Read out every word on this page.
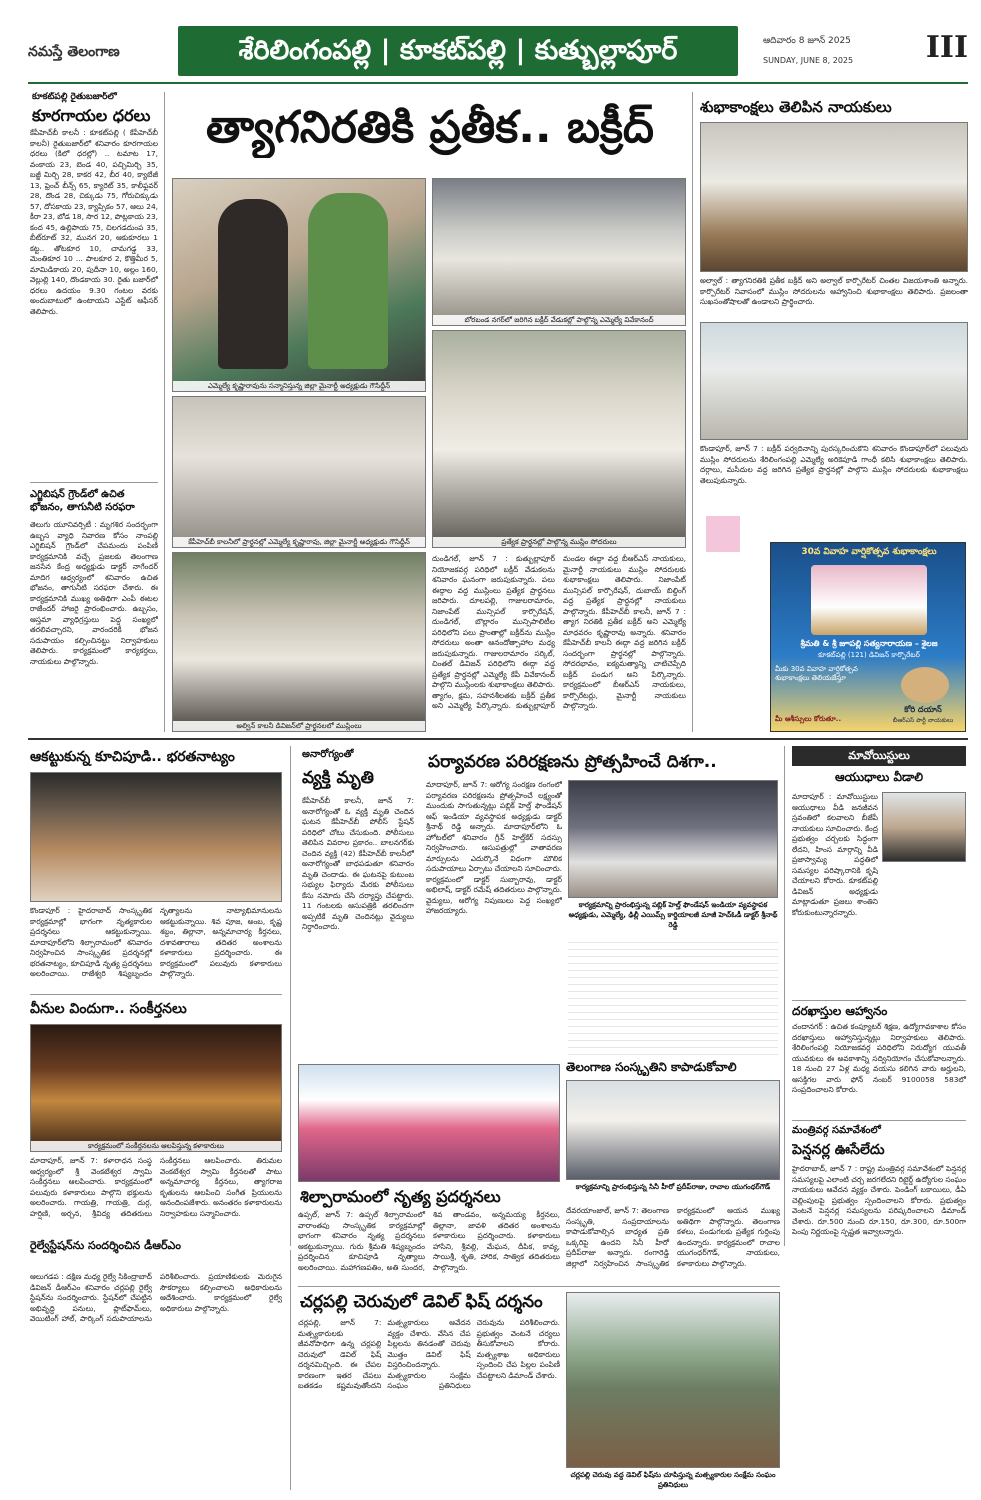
నమస్తే తెలంగాణ	శేరిలింగంపల్లి | కూకట్‌పల్లి | కుత్బుల్లాపూర్	ఆదివారం 8 జూన్ 2025
SUNDAY, JUNE 8, 2025	III
కూకట్‌పల్లి రైతుబజార్‌లో
కూరగాయల ధరలు
కేపీహెచ్‌బీ కాలనీ : కూకట్‌పల్లి ( కేపీహెచ్‌బీ కాలనీ) రైతుబజార్‌లో శనివారం కూరగాయల ధరలు (కిలో ధరల్లో) .. టమాట 17, వంకాయ 23, బెండ 40, పచ్చిమిర్చి 35, బజ్జీ మిర్చి 28, కాకర 42, బీర 40, క్యాబేజీ 13, ఫ్రెంచ్ బీన్స్ 65, క్యారెట్ 35, కాలీఫ్లవర్ 28, దొండ 28, చిక్కుడు 75, గోరుచిక్కుడు 57, దోసకాయ 23, క్యాప్సికం 57, ఆలు 24, కీరా 23, బోడ 18, సొర 12, పొట్లకాయ 23, కంద 45, ఉల్లిపాయ 75, చిలగడదుంప 35, బీట్‌రూట్ 32, మునగ 20, ఆకుకూరలు 1 కట్ట.. తోటకూర 10, చామగడ్డ 33, మెంతికూర 10 ... పాలకూర 2, కొత్తిమీర 5, మామిడికాయ 20, పుదీనా 10, అల్లం 160, వెల్లుల్లి 140, దొండకాయ 30. రైతు బజార్‌లో ధరలు ఉదయం 9.30 గంటల వరకు అందుబాటులో ఉంటాయని ఎస్టేట్ ఆఫీసర్ తెలిపారు.
ఎగ్జిబిషన్ గ్రౌండ్‌లో ఉచిత భోజనం, తాగునీటి సరఫరా
తెలుగు యూనివర్సిటీ : మృగశిర సందర్భంగా ఉబ్బస వ్యాధి నివారణ కోసం నాంపల్లి ఎగ్జిబిషన్ గ్రౌండ్‌లో చేపమందు పంపిణీ కార్యక్రమానికి వచ్చే ప్రజలకు తెలంగాణ జనసేన కేంద్ర అధ్యక్షుడు డాక్టర్ నాగేందర్ మాదిగ ఆధ్వర్యంలో శనివారం ఉచిత భోజనం, తాగునీటి సరఫరా చేశారు. ఈ కార్యక్రమానికి ముఖ్య అతిథిగా ఎంపీ ఈటల రాజేందర్ హాజరై ప్రారంభించారు. ఉబ్బసం, ఆస్తమా వ్యాధిగ్రస్తులు పెద్ద సంఖ్యలో తరలివచ్చారని, వారందరికీ భోజన సదుపాయం కల్పించినట్టు నిర్వాహకులు తెలిపారు. కార్యక్రమంలో కార్యకర్తలు, నాయకులు పాల్గొన్నారు.
త్యాగనిరతికి ప్రతీక.. బక్రీద్
ఎమ్మెల్యే కృష్ణారావును సన్మానిస్తున్న జిల్లా మైనార్టీ అధ్యక్షుడు గౌసిద్దీన్
బోరబండ నగర్‌లో జరిగిన బక్రీద్ వేడుకల్లో పాల్గొన్న ఎమ్మెల్యే వివేకానంద్
కేపీహెచ్‌బీ కాలనీలో ప్రార్థనల్లో ఎమ్మెల్యే కృష్ణారావు, జిల్లా మైనార్టీ అధ్యక్షుడు గౌసిద్దీన్	ప్రత్యేక ప్రార్థనల్లో పాల్గొన్న ముస్లిం సోదరులు
అల్విన్ కాలనీ డివిజన్‌లో ప్రార్థనలలో ముస్లింలు
దుండిగల్, జూన్ 7 : కుత్బుల్లాపూర్ నియోజకవర్గ పరిధిలో బక్రీద్ వేడుకలను శనివారం ఘనంగా జరుపుకున్నారు. పలు ఈద్గాల వద్ద ముస్లింలు ప్రత్యేక ప్రార్థనలు జరిపారు. దూలపల్లి, గాజులరామారం, నిజాంపేట్ మున్సిపల్ కార్పొరేషన్, దుండిగల్, బొల్లారం మున్సిపాలిటీల పరిధిలోని పలు ప్రాంతాల్లో బక్రీద్‌ను ముస్లిం సోదరులు అంతా ఆనందోత్సాహాల మధ్య జరుపుకున్నారు. గాజులరామారం సర్కిల్, చింతల్ డివిజన్ పరిధిలోని ఈద్గా వద్ద ప్రత్యేక ప్రార్థనల్లో ఎమ్మెల్యే కేపీ వివేకానంద్ పాల్గొని ముస్లింలకు శుభాకాంక్షలు తెలిపారు. త్యాగం, క్షమ, సహనశీలతకు బక్రీద్ ప్రతీక అని ఎమ్మెల్యే పేర్కొన్నారు. కుత్బుల్లాపూర్ మండల ఈద్గా వద్ద బీఆర్ఎస్ నాయకులు, మైనార్టీ నాయకులు ముస్లిం సోదరులకు శుభాకాంక్షలు తెలిపారు. నిజాంపేట్ మున్సిపల్ కార్పొరేషన్, దుబాయ్ బిల్డింగ్ వద్ద ప్రత్యేక ప్రార్థనల్లో నాయకులు పాల్గొన్నారు. కేపీహెచ్‌బీ కాలనీ, జూన్ 7 : త్యాగ నిరతికి ప్రతీక బక్రీద్ అని ఎమ్మెల్యే మాధవరం కృష్ణారావు అన్నారు. శనివారం కేపీహెచ్‌బీ కాలనీ ఈద్గా వద్ద జరిగిన బక్రీద్ సందర్భంగా ప్రార్థనల్లో పాల్గొన్నారు. సోదరభావం, ఐక్యమత్యాన్ని చాటిచెప్పేది బక్రీద్ పండుగ అని పేర్కొన్నారు. కార్యక్రమంలో బీఆర్ఎస్ నాయకులు, కార్పొరేటర్లు, మైనార్టీ నాయకులు పాల్గొన్నారు.
శుభాకాంక్షలు తెలిపిన నాయకులు
అల్వాల్ : త్యాగనిరతికి ప్రతీక బక్రీద్ అని అల్వాల్ కార్పొరేటర్ చింతల విజయశాంతి అన్నారు. కార్పొరేటర్ నివాసంలో ముస్లిం సోదరులను ఆహ్వానించి శుభాకాంక్షలు తెలిపారు. ప్రజలంతా సుఖసంతోషాలతో ఉండాలని ప్రార్థించారు.
కొండాపూర్, జూన్ 7 : బక్రీద్ పర్వదినాన్ని పురస్కరించుకొని శనివారం కొండాపూర్‌లో పలువురు ముస్లిం సోదరులను శేరిలింగంపల్లి ఎమ్మెల్యే అరికెపూడి గాంధీ కలిసి శుభాకాంక్షలు తెలిపారు. దర్గాలు, మసీదుల వద్ద జరిగిన ప్రత్యేక ప్రార్థనల్లో పాల్గొని ముస్లిం సోదరులకు శుభాకాంక్షలు తెలుపుకున్నారు.
30వ వివాహ వార్షికోత్సవ శుభాకాంక్షలు
శ్రీమతి & శ్రీ జూపల్లి సత్యనారాయణ – శైలజ
కూకట్‌పల్లి (121) డివిజన్ కార్పొరేటర్
మీకు 30వ వివాహ వార్షికోత్సవ శుభాకాంక్షలు తెలియజేస్తూ
కోరి దయాన్
బీఆర్ఎస్ పార్టీ నాయకులు
మీ ఆశీస్సులు కోరుతూ..
ఆకట్టుకున్న కూచిపూడి.. భరతనాట్యం
కొండాపూర్ : హైదరాబాద్ సాంస్కృతిక కార్యక్రమాల్లో భాగంగా నృత్యకారుల ప్రదర్శనలు ఆకట్టుకున్నాయి. మాదాపూర్‌లోని శిల్పారామంలో శనివారం నిర్వహించిన సాంస్కృతిక ప్రదర్శనల్లో భరతనాట్యం, కూచిపూడి నృత్య ప్రదర్శనలు అలరించాయి. రాజేశ్వరి శిష్యబృందం నృత్యాలను నాట్యాభిమానులను ఆకట్టుకున్నాయి. శివ పూజ, అంబ, కృష్ణ శబ్దం, తిల్లానా, అన్నమాచార్య కీర్తనలు, దశావతారాలు తదితర అంశాలను కళాకారులు ప్రదర్శించారు. ఈ కార్యక్రమంలో పలువురు కళాకారులు పాల్గొన్నారు.
వీనుల విందుగా.. సంకీర్తనలు
కార్యక్రమంలో సంకీర్తనలను ఆలపిస్తున్న కళాకారులు
మాదాపూర్, జూన్ 7: కళారాధన సంస్థ ఆధ్వర్యంలో శ్రీ వెంకటేశ్వర స్వామి సంకీర్తనలు ఆలపించారు. కార్యక్రమంలో పలువురు కళాకారులు పాల్గొని భక్తులను అలరించారు. గాయత్రి, గాయత్రి, దుర్గ, హర్షిణి, అర్చన, శ్రీవిద్య తదితరులు సంకీర్తనలు ఆలపించారు. తిరుమల వెంకటేశ్వర స్వామి కీర్తనలతో పాటు అన్నమాచార్య కీర్తనలు, త్యాగరాజ కృతులను ఆలపించి సంగీత ప్రియులను ఆనందింపజేశారు. అనంతరం కళాకారులను నిర్వాహకులు సన్మానించారు.
అనారోగ్యంతో
వ్యక్తి మృతి
కేపీహెచ్‌బీ కాలనీ, జూన్ 7: అనారోగ్యంతో ఓ వ్యక్తి మృతి చెందిన ఘటన కేపీహెచ్‌బీ పోలీస్ స్టేషన్ పరిధిలో చోటు చేసుకుంది. పోలీసులు తెలిపిన వివరాల ప్రకారం.. బాలనగర్‌కు చెందిన వ్యక్తి (42) కేపీహెచ్‌బీ కాలనీలో అనారోగ్యంతో బాధపడుతూ శనివారం మృతి చెందాడు. ఈ ఘటనపై కుటుంబ సభ్యుల ఫిర్యాదు మేరకు పోలీసులు కేసు నమోదు చేసి దర్యాప్తు చేపట్టారు. 11 గంటలకు ఆసుపత్రికి తరలించగా అప్పటికే మృతి చెందినట్లు వైద్యులు నిర్ధారించారు.
పర్యావరణ పరిరక్షణను ప్రోత్సహించే దిశగా..
మాదాపూర్, జూన్ 7: ఆరోగ్య సంరక్షణ రంగంలో పర్యావరణ పరిరక్షణను ప్రోత్సహించే లక్ష్యంతో ముందుకు సాగుతున్నట్లు పబ్లిక్ హెల్త్ ఫౌండేషన్ ఆఫ్ ఇండియా వ్యవస్థాపక అధ్యక్షుడు డాక్టర్ శ్రీనాథ్ రెడ్డి అన్నారు. మాదాపూర్‌లోని ఓ హోటల్‌లో శనివారం గ్రీన్ హెల్త్‌కేర్ సదస్సు నిర్వహించారు. ఆసుపత్రుల్లో వాతావరణ మార్పులను ఎదుర్కొనే విధంగా మౌలిక సదుపాయాలు ఏర్పాటు చేయాలని సూచించారు. కార్యక్రమంలో డాక్టర్ సుబ్బారావు, డాక్టర్ అభిలాష్, డాక్టర్ రమేష్ తదితరులు పాల్గొన్నారు. వైద్యులు, ఆరోగ్య నిపుణులు పెద్ద సంఖ్యలో హాజరయ్యారు.
కార్యక్రమాన్ని ప్రారంభిస్తున్న పబ్లిక్ హెల్త్ ఫౌండేషన్ ఇండియా వ్యవస్థాపక అధ్యక్షుడు, ఎమ్మెల్యే, ఢిల్లీ ఎయిమ్స్ కార్డియాలజీ మాజీ హెచ్‌ఓడీ డాక్టర్ శ్రీనాథ్ రెడ్డి
మావోయిస్టులు
ఆయుధాలు వీడాలి
మాదాపూర్ : మావోయిస్టులు ఆయుధాలు వీడి జనజీవన స్రవంతిలో కలవాలని బీజేపీ నాయకులు సూచించారు. కేంద్ర ప్రభుత్వం చర్చలకు సిద్ధంగా లేదని, హింస మార్గాన్ని వీడి ప్రజాస్వామ్య పద్ధతిలో సమస్యల పరిష్కారానికి కృషి చేయాలని కోరారు. కూకట్‌పల్లి డివిజన్ అధ్యక్షుడు మాట్లాడుతూ ప్రజలు శాంతిని కోరుకుంటున్నారన్నారు.
దరఖాస్తుల ఆహ్వానం
చందానగర్ : ఉచిత కంప్యూటర్ శిక్షణ, ఉద్యోగావకాశాల కోసం దరఖాస్తులు ఆహ్వానిస్తున్నట్లు నిర్వాహకులు తెలిపారు. శేరిలింగంపల్లి నియోజకవర్గ పరిధిలోని నిరుద్యోగ యువతీ యువకులు ఈ అవకాశాన్ని సద్వినియోగం చేసుకోవాలన్నారు. 18 నుంచి 27 ఏళ్ల మధ్య వయసు కలిగిన వారు అర్హులని, ఆసక్తిగల వారు ఫోన్ నంబర్ 9100058 583లో సంప్రదించాలని కోరారు.
మంత్రివర్గ సమావేశంలో
పెన్షనర్ల ఊసేలేదు
హైదరాబాద్, జూన్ 7 : రాష్ట్ర మంత్రివర్గ సమావేశంలో పెన్షనర్ల సమస్యలపై ఎలాంటి చర్చ జరగలేదని రిటైర్డ్ ఉద్యోగుల సంఘం నాయకులు ఆవేదన వ్యక్తం చేశారు. పెండింగ్ బకాయిలు, డీఏ చెల్లింపులపై ప్రభుత్వం స్పందించాలని కోరారు. ప్రభుత్వం వెంటనే పెన్షనర్ల సమస్యలను పరిష్కరించాలని డిమాండ్ చేశారు. రూ.500 నుంచి రూ.150, రూ.300, రూ.500గా పెంపు నిర్ణయంపై స్పష్టత ఇవ్వాలన్నారు.
శిల్పారామంలో నృత్య ప్రదర్శనలు
ఉప్పల్, జూన్ 7: ఉప్పల్ శిల్పారామంలో వారాంతపు సాంస్కృతిక కార్యక్రమాల్లో భాగంగా శనివారం నృత్య ప్రదర్శనలు ఆకట్టుకున్నాయి. గురు శ్రీమతి శిష్యబృందం ప్రదర్శించిన కూచిపూడి నృత్యాలు అలరించాయి. మహాగణపతిం, అతి సుందర, శివ తాండవం, అన్నమయ్య కీర్తనలు, తిల్లానా, జావళి తదితర అంశాలను కళాకారులు ప్రదర్శించారు. కళాకారులు హాసిని, శ్రీవల్లి, మేఘన, దీపిక, కావ్య, సాయిశ్రీ, శృతి, హారిక, సాత్విక తదితరులు పాల్గొన్నారు.
తెలంగాణ సంస్కృతిని కాపాడుకోవాలి
కార్యక్రమాన్ని ప్రారంభిస్తున్న సినీ హీరో ప్రదీప్‌రాజు, రాచాల యుగంధర్‌గౌడ్
దేవరయాంజాల్, జూన్ 7: తెలంగాణ సంస్కృతి, సంప్రదాయాలను కాపాడుకోవాల్సిన బాధ్యత ప్రతి ఒక్కరిపై ఉందని సినీ హీరో ప్రదీప్‌రాజు అన్నారు. రంగారెడ్డి జిల్లాలో నిర్వహించిన సాంస్కృతిక కార్యక్రమంలో ఆయన ముఖ్య అతిథిగా పాల్గొన్నారు. తెలంగాణ కళలు, పండుగలకు ప్రత్యేక గుర్తింపు ఉందన్నారు. కార్యక్రమంలో రాచాల యుగంధర్‌గౌడ్, నాయకులు, కళాకారులు పాల్గొన్నారు.
రైల్వేస్టేషన్‌ను సందర్శించిన డీఆర్ఎం
చర్లపల్లి చెరువులో డెవిల్ ఫిష్ దర్శనం
ఆలుగడప : దక్షిణ మధ్య రైల్వే సికింద్రాబాద్ డివిజన్ డీఆర్ఎం శనివారం చర్లపల్లి రైల్వే స్టేషన్‌ను సందర్శించారు. స్టేషన్‌లో చేపట్టిన అభివృద్ధి పనులు, ప్లాట్‌ఫామ్‌లు, వెయిటింగ్ హాల్, పార్కింగ్ సదుపాయాలను పరిశీలించారు. ప్రయాణికులకు మెరుగైన సౌకర్యాలు కల్పించాలని అధికారులను ఆదేశించారు. కార్యక్రమంలో రైల్వే అధికారులు పాల్గొన్నారు.
చర్లపల్లి, జూన్ 7: మత్స్యకారులకు జీవనోపాధిగా ఉన్న చర్లపల్లి చెరువులో డెవిల్ ఫిష్ దర్శనమిచ్చింది. ఈ చేపల కారణంగా ఇతర చేపలు బతకడం కష్టమవుతోందని మత్స్యకారులు ఆవేదన వ్యక్తం చేశారు. వేసిన చేప పిల్లలను తినడంతో చెరువు మొత్తం డెవిల్ ఫిష్ విస్తరించిందన్నారు. మత్స్యకారుల సంక్షేమ సంఘం ప్రతినిధులు చెరువును పరిశీలించారు. ప్రభుత్వం వెంటనే చర్యలు తీసుకోవాలని కోరారు. మత్స్యశాఖ అధికారులు స్పందించి చేప పిల్లల పంపిణీ చేపట్టాలని డిమాండ్ చేశారు.
చర్లపల్లి చెరువు వద్ద డెవిల్ ఫిష్‌ను చూపిస్తున్న మత్స్యకారుల సంక్షేమ సంఘం ప్రతినిధులు
